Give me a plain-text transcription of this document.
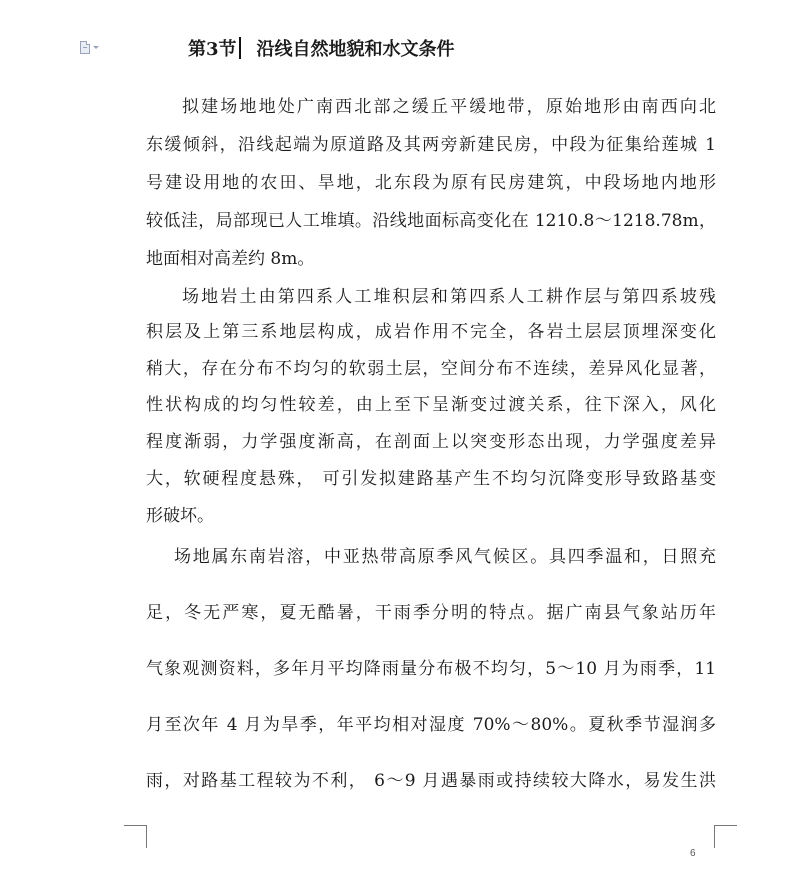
第3节 沿线自然地貌和水文条件
拟建场地地处广南西北部之缓丘平缓地带，原始地形由南西向北
东缓倾斜，沿线起端为原道路及其两旁新建民房，中段为征集给莲城 1
号建设用地的农田、旱地，北东段为原有民房建筑，中段场地内地形
较低洼，局部现已人工堆填。沿线地面标高变化在 1210.8～1218.78m，
地面相对高差约 8m。
场地岩土由第四系人工堆积层和第四系人工耕作层与第四系坡残
积层及上第三系地层构成，成岩作用不完全，各岩土层层顶埋深变化
稍大，存在分布不均匀的软弱土层，空间分布不连续，差异风化显著，
性状构成的均匀性较差，由上至下呈渐变过渡关系，往下深入，风化
程度渐弱，力学强度渐高，在剖面上以突变形态出现，力学强度差异
大，软硬程度悬殊， 可引发拟建路基产生不均匀沉降变形导致路基变
形破坏。
场地属东南岩溶，中亚热带高原季风气候区。具四季温和，日照充
足，冬无严寒，夏无酷暑，干雨季分明的特点。据广南县气象站历年
气象观测资料，多年月平均降雨量分布极不均匀，5～10 月为雨季，11
月至次年 4 月为旱季，年平均相对湿度 70%～80%。夏秋季节湿润多
雨，对路基工程较为不利， 6～9 月遇暴雨或持续较大降水，易发生洪
6
